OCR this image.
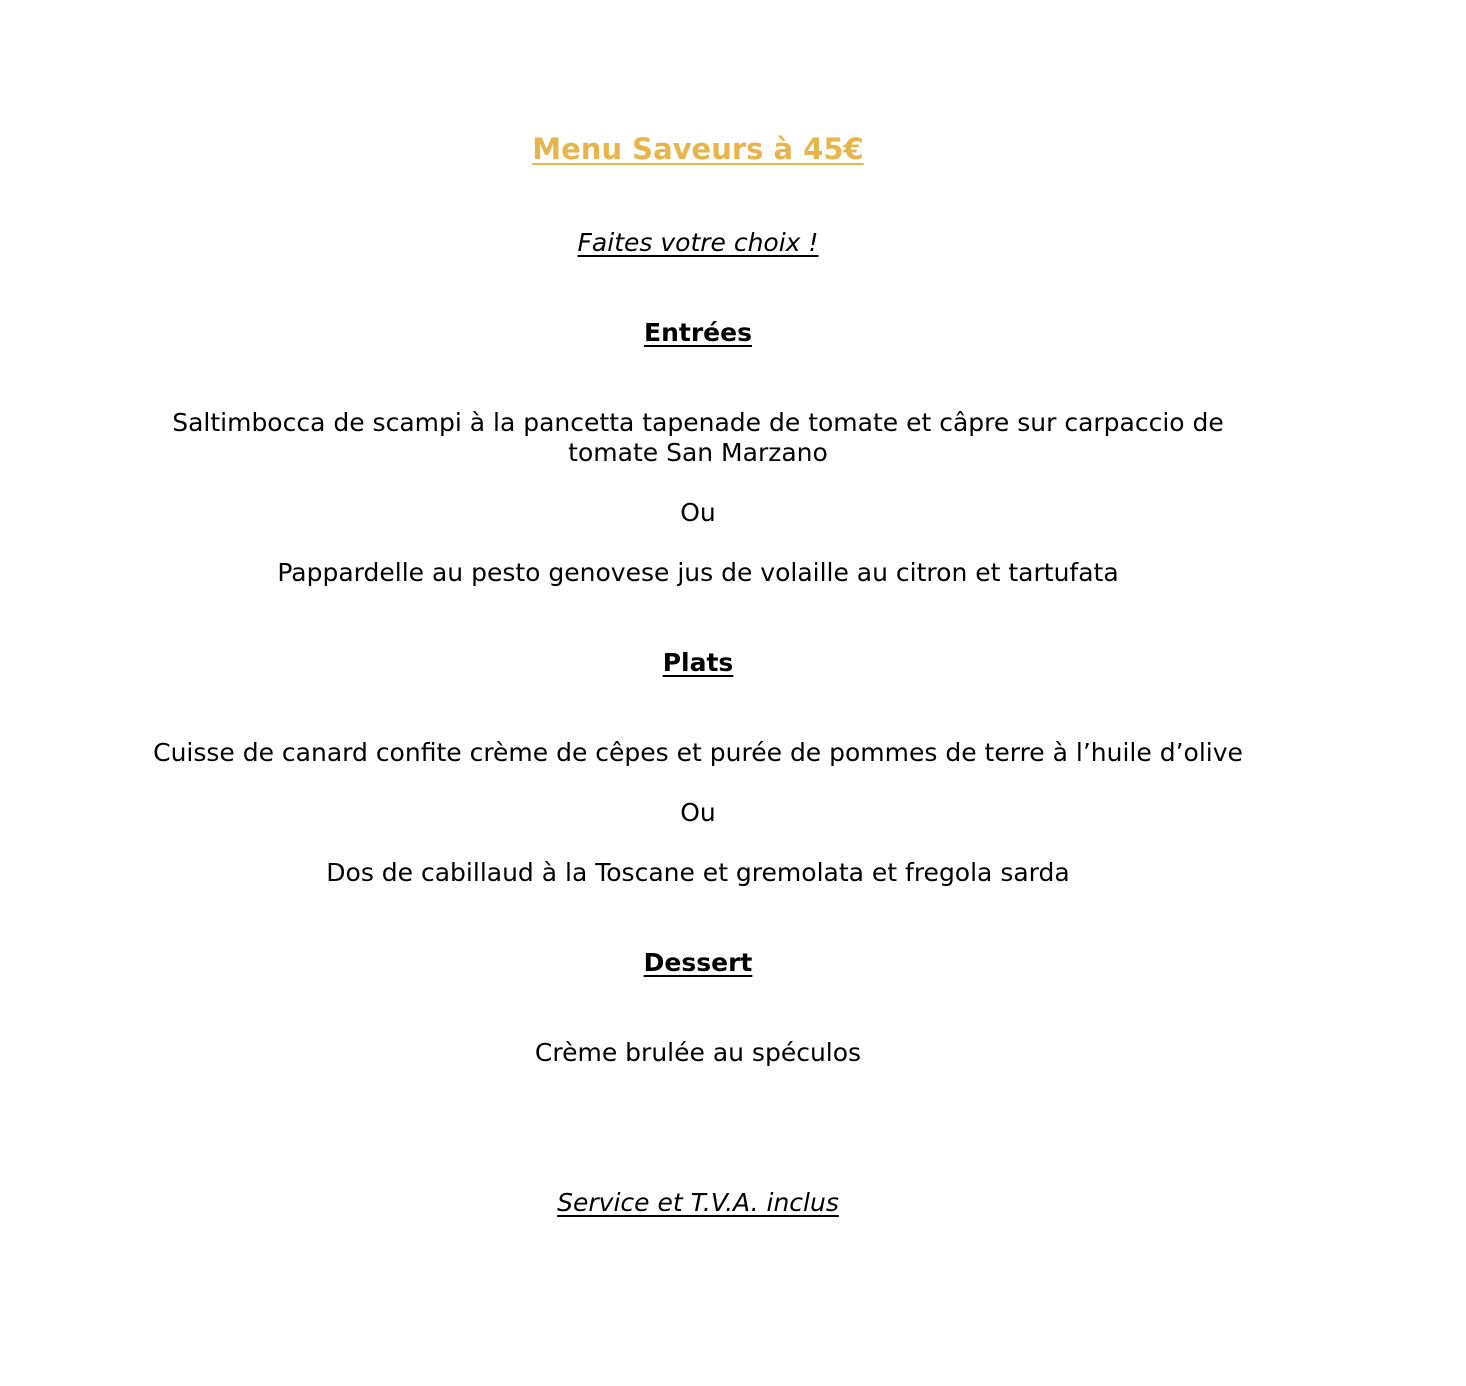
Menu Saveurs à 45€
Faites votre choix !
Entrées
Saltimbocca de scampi à la pancetta tapenade de tomate et câpre sur carpaccio de
tomate San Marzano
Ou
Pappardelle au pesto genovese jus de volaille au citron et tartufata
Plats
Cuisse de canard confite crème de cêpes et purée de pommes de terre à l’huile d’olive
Ou
Dos de cabillaud à la Toscane et gremolata et fregola sarda
Dessert
Crème brulée au spéculos
Service et T.V.A. inclus
